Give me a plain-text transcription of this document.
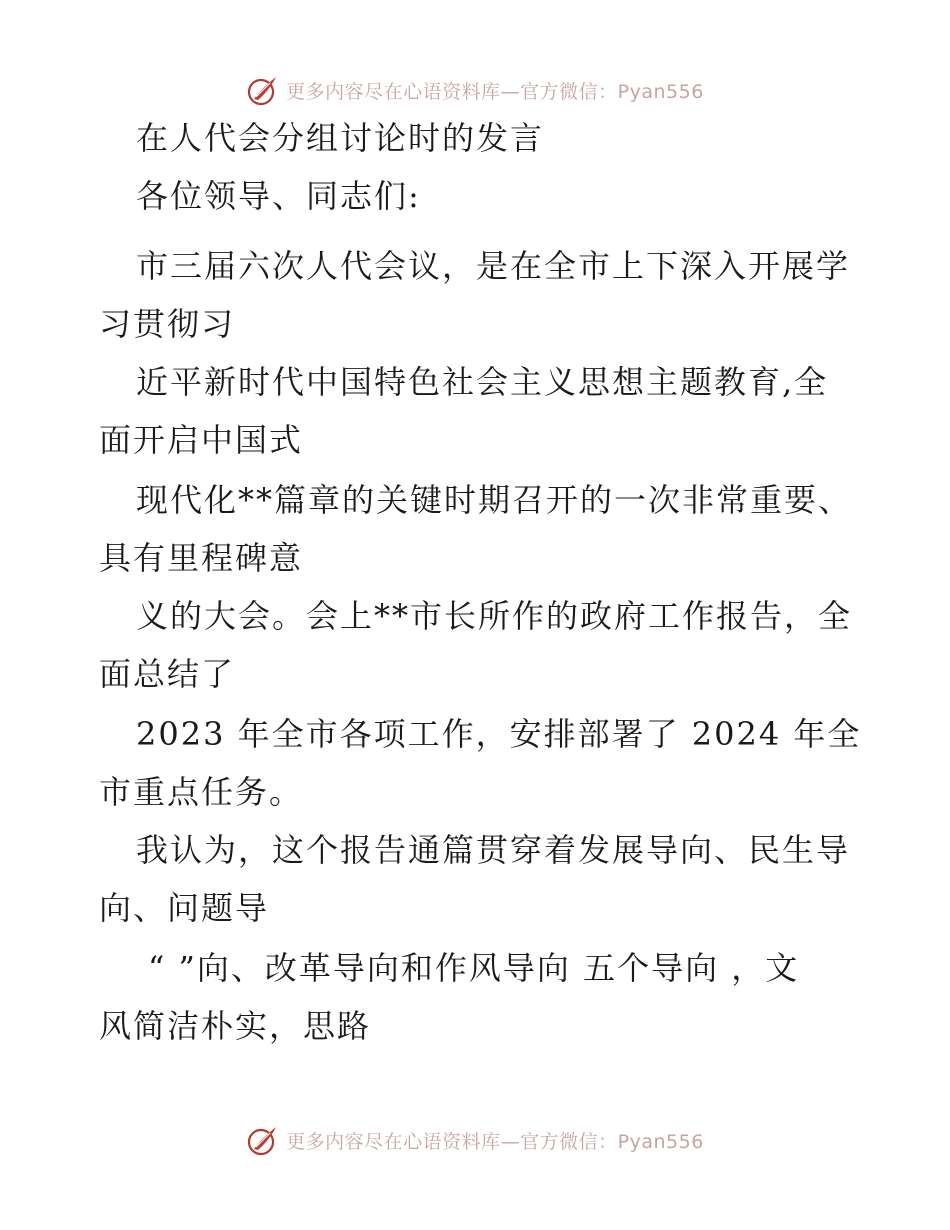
更多内容尽在心语资料库—官方微信：Pyan556
在人代会分组讨论时的发言
各位领导、同志们:
市三届六次人代会议，是在全市上下深入开展学
习贯彻习
近平新时代中国特色社会主义思想主题教育,全
面开启中国式
现代化**篇章的关键时期召开的一次非常重要、
具有里程碑意
义的大会。会上**市长所作的政府工作报告，全
面总结了
2023 年全市各项工作，安排部署了 2024 年全
市重点任务。
我认为，这个报告通篇贯穿着发展导向、民生导
向、问题导
“ ”向、改革导向和作风导向 五个导向 ，文
风简洁朴实，思路
更多内容尽在心语资料库—官方微信：Pyan556
